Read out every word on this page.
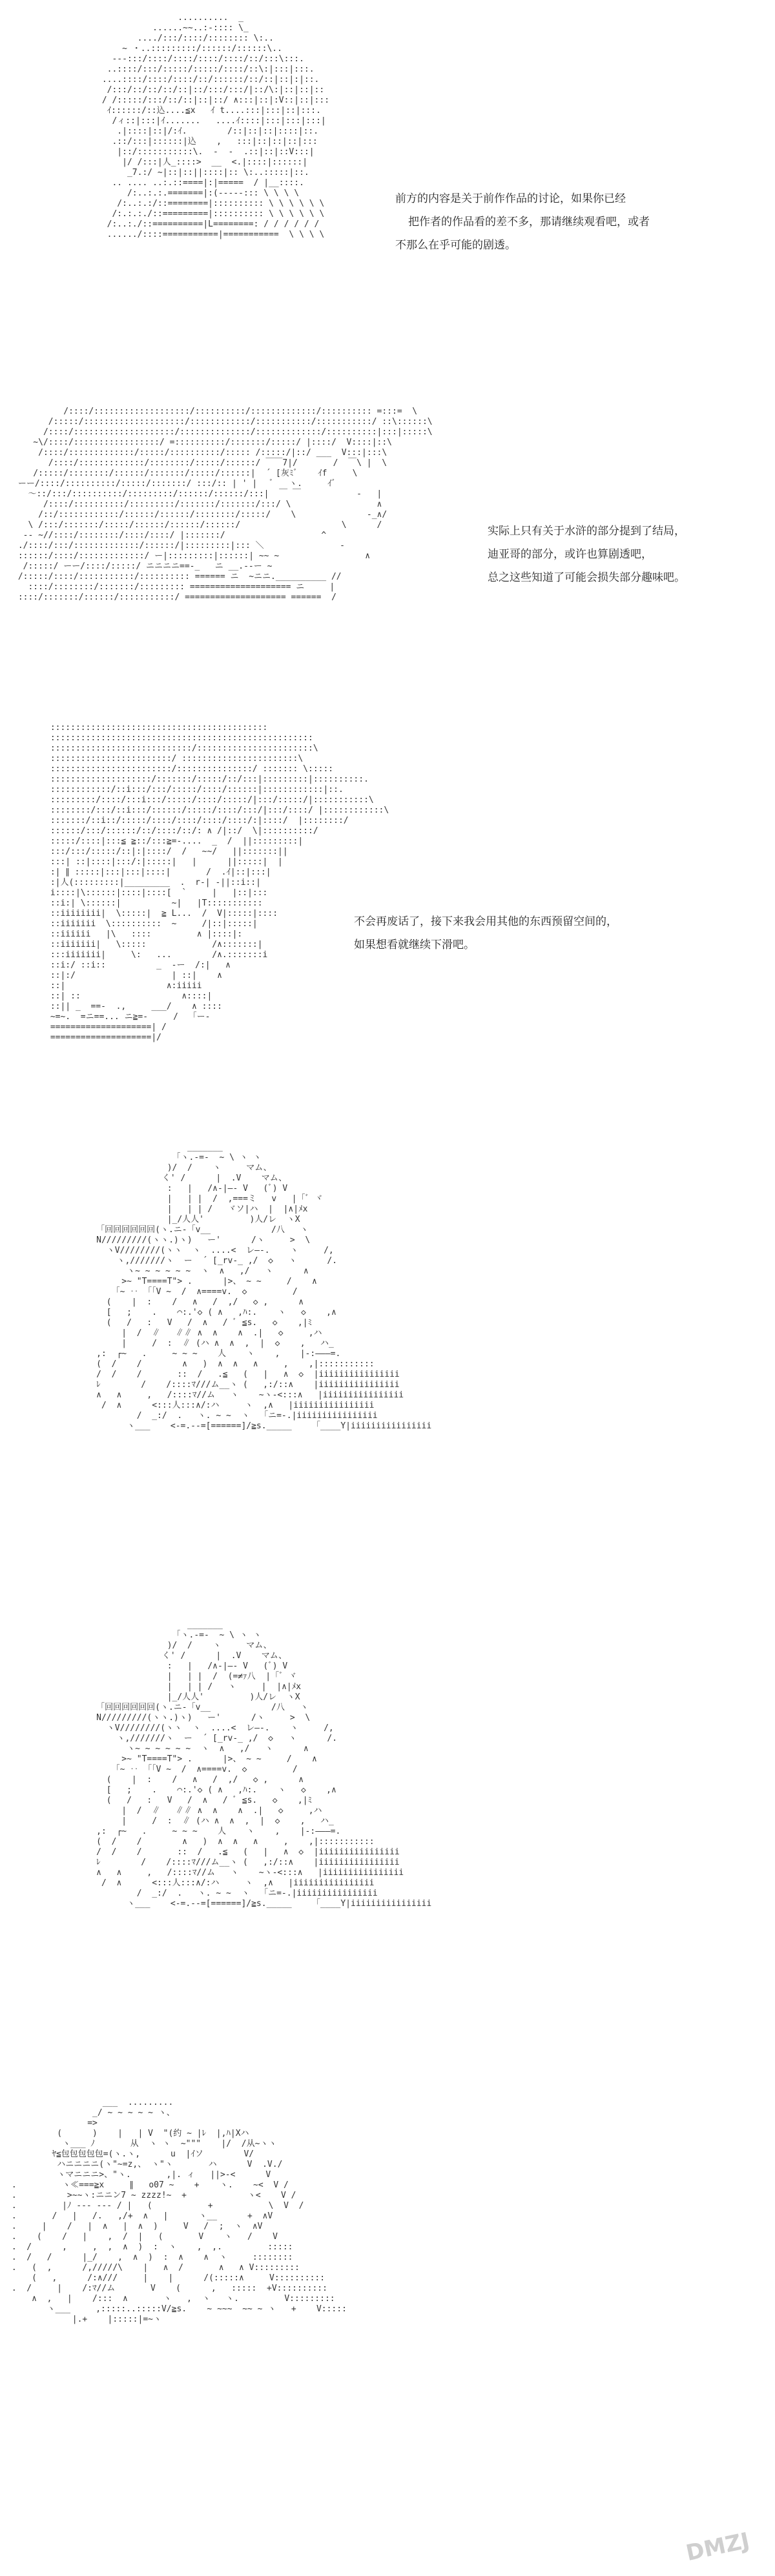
..........  _
......~~..:-:::: \_
..../:::/::::/:::::::: \:..
~ ・..:::::::::/::::::/::::::\..
---:::/::::/::::/::::/::::/::/:::\:::.
..::::/:::/:::::/:::::/::::/::\:|:::|:::.
....::::/::::/::::/::/::::::/::/::|::|:|::.
/:::/::/::/::/::|::/:::/:::/|::/\:|::|::|::
/ /:::::/:::/::/::|::|::/ ∧:::|::|:V::|::|:::
ｲ::::::/::込....≦x   ｲ t....:::|:::|::|:::.
/ィ::|:::|ｲ.......   ....ｲ::::|:::|:::|:::|
.|::::|::|/:ｲ.        /::|::|::|::::|::.
.::/:::|::::::|込    ,   :::|::|::|::|:::
|::/:::::::::::\.  -  -  .::|::|::V:::|
|/ /:::|人_::::>  __  <.|::::|::::::|
_7.:/ ~|::|::||::::|:: \:..:::::|::.
.. .... ..:.::====|:|=====  / |__::::.
/:..:.:.=======|:(-----::: \ \ \ \
/:..:.:/::========|:::::::::: \ \ \ \ \ \
/:.:.:./::=========|:::::::::: \ \ \ \ \ \
/:..:./::==========|L========: / / / / / /
....../::::===========|===========  \ \ \ \

前方的内容是关于前作作品的讨论，如果你已经
把作者的作品看的差不多，那请继续观看吧，或者
不那么在乎可能的剧透。
/::::/:::::::::::::::::::/::::::::::/:::::::::::::/:::::::::: =:::=  \
/:::::/::::::::::::::::::::/::::::::::::/:::::::::::/:::::::::::/ ::\::::::\
/::::/::::::::::::::::::::/::::::::::::::/:::::::::::::/::::::::::|:::|:::::\
~\/::::/:::::::::::::::::/ =::::::::::/:::::::/:::::/ |::::/  V::::|::\
/::::/:::::::::::::/:::::/::::::::::/::::: /:::::/|::/ ___  V:::|:::\
/::::/:::::::::::::/::::::::/:::::/::::::/ ￣￣7|/       /  ￣\ |  \
/:::::/::::::::/::::::/:::::::/:::::/::::::|  ´ [灰ﾐﾞ    ｲf     \
ーー/::::/::::::::::/:::::/:::::::/ :::/:: | ' |   ﾞ   ヽ.     ｲﾞ
～::/:::/::::::::::/:::::::::/::::::/::::::/:::|  ￣ ￣           -   |
/::::/::::::::::/:::::::::/:::::::/:::::::/:::/ \                 ∧
/::/::::::::::::/::::::/::::::/::::::::/:::::/    \              -_∧/
\ /:::/:::::::/:::::/::::::/::::::/::::::/                    \      /
-- ~//::::/::::::::/::::/::::/ |:::::::/                   ^
./::::/:::/:::::::::::::/::::::/|:::::::::|::: ＼               -
::::::/::::/:::::::::::::/ ー|:::::::::|::::::| ~~ ~                 ∧
/:::::/ ーー/::::/:::::/ ニニニニ==-_   ニ __.--ー ~
/:::::/::::/:::::::::::/:::::::::: ====== ニ  ~ニニ.__________ //
::::/::::::::/:::::::/::::::::: ==================== ニ     |
::::/:::::::/::::::/:::::::::::/ ==================== ======  /

实际上只有关于水浒的部分提到了结局，
迪亚哥的部分，或许也算剧透吧，
总之这些知道了可能会损失部分趣味吧。
:::::::::::::::::::::::::::::::::::::::::::
::::::::::::::::::::::::::::::::::::::::::::::::::::
::::::::::::::::::::::::::::/:::::::::::::::::::::::\
::::::::::::::::::::::::/ :::::::::::::::::::::::\
::::::::::::::::::::::::/:::::::::::::::/ ::::::: \:::::
::::::::::::::::::::/:::::::/:::::/::/:::|:::::::::|::::::::::.
::::::::::::/::i:::/:::/:::::/::::/::::::|::::::::::::|::.
:::::::::/::::/:::i:::/:::::/::::/:::::/|:::/:::::/|:::::::::::\
::::::::/:::/::i:::/::::::/:::::/::::/:::/|:::/::::/ |::::::::::::\
:::::::/::i::/:::::/::::/::::/::::/::::/:|::::/  |::::::::/
::::::/:::/::::::/::/::::/::/: ∧ /|::/  \|::::::::::/
:::::/::::|:::≦ ≧::/:::≧=-....  _  /  ||:::::::::|
:::/:::/:::::/::|:|::::/  /   ~~/   ||:::::::||
:::| ::|::::|:::/:|:::::|   |      ||:::::|  |
:| ∥ :::::|:::|:::|::::|       /  .ｲ|::|:::|
:|人(:::::::::|_________  .  r‐| ‐||::i::|
i::::|\::::::|::::|::::[  `     |   |::|:::
::i:| \::::::|          ~|   |T:::::::::::
::iiiiiiii|  \:::::|  ≧ L...  /  V|:::::|::::
::iiiiiii  \::::::::::  ~     /|::|:::::|
::iiiiii   |\   ::::         ∧ |::::|:
::iiiiiii|   \:::::             /∧:::::::|
:::iiiiiii|     \:   ...        /∧.:::::::i
::i:/ ::i::          _  -ー  /:|   ∧
::|:/                   | ::|    ∧
::|                    ∧:iiiii
::| ::                    ∧::::|
::|| _  ==-  .,     ___/    ∧ ::::
~=~.  =ニ==... ニ≧=-     /  「ー-
====================| /
====================|/

不会再废话了，接下来我会用其他的东西预留空间的，
如果想看就继续下滑吧。
_______
「ヽ.-=-  ~ \ ヽ ヽ
)/  /    ヽ     マム、
く' /      |  .V    マム、
:   |   /∧-|―- V   (ﾞ) V
|   | |  /  ,===ミ   v   |「ﾞ ヾ
|   | | /   ヾソ|ハ  |  |∧|ﾒx
|_/人人'         )人/レ  ヽX
「回回回回回回(ヽ.ニ-「v__            /八   ヽ
N/////////(ヽヽ.)ヽ)   ー'      /ヽ     >  \
ヽV////////(ヽヽ  ヽ  ....<  レ―-.    ヽ     /,
ヽ,///////ヽ  ー  ´ [_rv-_ ,/  ◇   ヽ      /.
ヽ~ ~ ~ ~ ~ ~  ヽ  ∧   ,/   ヽ      ∧
>~ "T====T"> .      |>、 ~ ~     /    ∧
「~ ‥ 「「V ~  /  ∧====v.  ◇         /
(    |  :    /   ∧   /  ,/   ◇ ,      ∧
[   ;    .    ⌒:.'◇ ( ∧   ,ﾊ:.    ヽ   ◇    ,∧
(   /   :   V   /  ∧   / ﾞ ≦s.   ◇    ,|ﾐ
|  /  ∥   ∥∥ ∧  ∧    ∧  .|   ◇     ,ハ
|     /  :  ∥ (ハ ∧  ∧  ,  |  ◇    ,   ハ_
,:  ┌~   .     ~ ~ ~    人    ヽ    ,    |‐:―――=.
(  /    /        ∧   )  ∧  ∧   ∧     ,    ,|:::::::::::
/  /    /       ::  /   .≦   (   |   ∧  ◇  |iiiiiiiiiiiiiiii
ﾚ        /    /::::ﾏ///ム__ヽ (   ,:/::∧    |iiiiiiiiiiiiiiii
∧   ∧     ,   /::::ﾏ//ム   ヽ    ~ヽ-<:::∧   |iiiiiiiiiiiiiiii
/  ∧      <:::人:::∧/:ハ     ヽ  ,∧   |iiiiiiiiiiiiiiii
/  _:/  .   ヽ. ~ ~  ヽ  「ニ=-.|iiiiiiiiiiiiiiii
ヽ___    <-=.--=[======]/≧s._____    「____Y|iiiiiiiiiiiiiiii

_______
「ヽ.-=-  ~ \ ヽ ヽ
)/  /    ヽ     マム、
く' /      |  .V    マム、
:   |   /∧-|―- V   (ﾞ) V
|   | |  /  (=≠ｧ八  |「ﾞ ヾ
|   | | /   ヽ     |  |∧|ﾒx
|_/人人'         )人/レ  ヽX
「回回回回回回(ヽ.ニ-「v__            /八   ヽ
N/////////(ヽヽ.)ヽ)   ー'      /ヽ     >  \
ヽV////////(ヽヽ  ヽ  ....<  レ―-.    ヽ     /,
ヽ,///////ヽ  ー  ´ [_rv-_ ,/  ◇   ヽ      /.
ヽ~ ~ ~ ~ ~ ~  ヽ  ∧   ,/   ヽ      ∧
>~ "T====T"> .      |>、 ~ ~     /    ∧
「~ ‥ 「「V ~  /  ∧====v.  ◇         /
(    |  :    /   ∧   /  ,/   ◇ ,      ∧
[   ;    .    ⌒:.'◇ ( ∧   ,ﾊ:.    ヽ   ◇    ,∧
(   /   :   V   /  ∧   / ﾞ ≦s.   ◇    ,|ﾐ
|  /  ∥   ∥∥ ∧  ∧    ∧  .|   ◇     ,ハ
|     /  :  ∥ (ハ ∧  ∧  ,  |  ◇    ,   ハ_
,:  ┌~   .     ~ ~ ~    人    ヽ    ,    |‐:―――=.
(  /    /        ∧   )  ∧  ∧   ∧     ,    ,|:::::::::::
/  /    /       ::  /   .≦   (   |   ∧  ◇  |iiiiiiiiiiiiiiii
ﾚ        /    /::::ﾏ///ム__ヽ (   ,:/::∧    |iiiiiiiiiiiiiiii
∧   ∧     ,   /::::ﾏ//ム   ヽ    ~ヽ-<:::∧   |iiiiiiiiiiiiiiii
/  ∧      <:::人:::∧/:ハ     ヽ  ,∧   |iiiiiiiiiiiiiiii
/  _:/  .   ヽ. ~ ~  ヽ  「ニ=-.|iiiiiiiiiiiiiiii
ヽ___    <-=.--=[======]/≧s._____    「____Y|iiiiiiiiiiiiiiii

___  .........
_/ ~ ~ ~ ~ ~ ヽ、
=>
(      )    |   | V  "(约 ~ |ﾚ  |,ﾊ|Xハ
ヽ___ ﾉ       从  ヽ ヽ  ~"""    |/  /从~ヽヽ
ﾔ≦包包包包包=(ヽ.ヽ,      u  |ｲソ        V/
ハニニニニ(ヽ"~=z,、 ヽ"ヽ       ハ      V  .V./
ヽマニニニ>、"ヽ.       ,|. ィ   ||>-<      V
.         ヽ≪===≧x     ∥   o07 ~    +    ヽ.    ~<  V /
.          >~~ヽ:ニニン7 ~ zzzz!~  +            ヽ<    V /
.         |ﾉ --- --- / |   (           +           \  V  /
.       /   |   /.   ,/+  ∧   |      ヽ__      +  ∧V
.     |    /   |  ∧   |  ∧  )     V   /  ;  ヽ  ∧V
.    (    /   |    ,  /  |   (       V    ヽ   /    V
.  /      ,     ,  ,  ∧  )  :  ヽ    ,  ,.         :::::
.  /   /      |_/    ,  ∧  )  :  ∧    ∧  ヽ     ::::::::
.   (  ,      /,/////\    |   ∧  /       ∧   ∧ V:::::::::
(   ,      /:∧///     |    |      /(:::::∧     V::::::::::
.  /     |    /:ﾏ//ム       V    (      ,   :::::  +V::::::::::
∧  ,   |    /:::  ∧       ヽ   ,  ヽ   ヽ.         V:::::::::
ヽ___     ,:::::..:::::V/≧s.    ~ ~~~  ~~ ~ ヽ   +    V:::::
|.+    |:::::|=~ヽ

DMZJ
